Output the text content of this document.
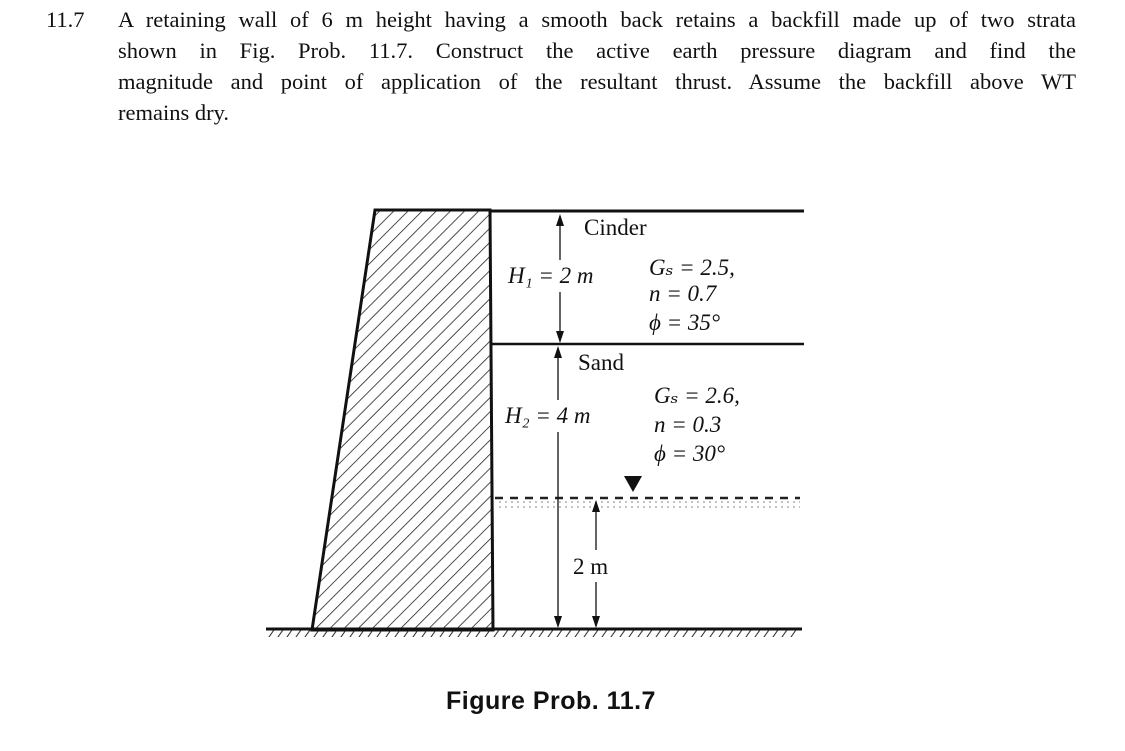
11.7 A retaining wall of 6 m height having a smooth back retains a backfill made up of two strata
shown in Fig. Prob. 11.7. Construct the active earth pressure diagram and find the
magnitude and point of application of the resultant thrust. Assume the backfill above WT
remains dry.

Cinder
H₁ = 2 m Gₛ = 2.5,
n = 0.7
ϕ = 35°
Sand
H₂ = 4 m
Gₛ = 2.6,
n = 0.3
ϕ = 30°
2 m
Figure Prob. 11.7
